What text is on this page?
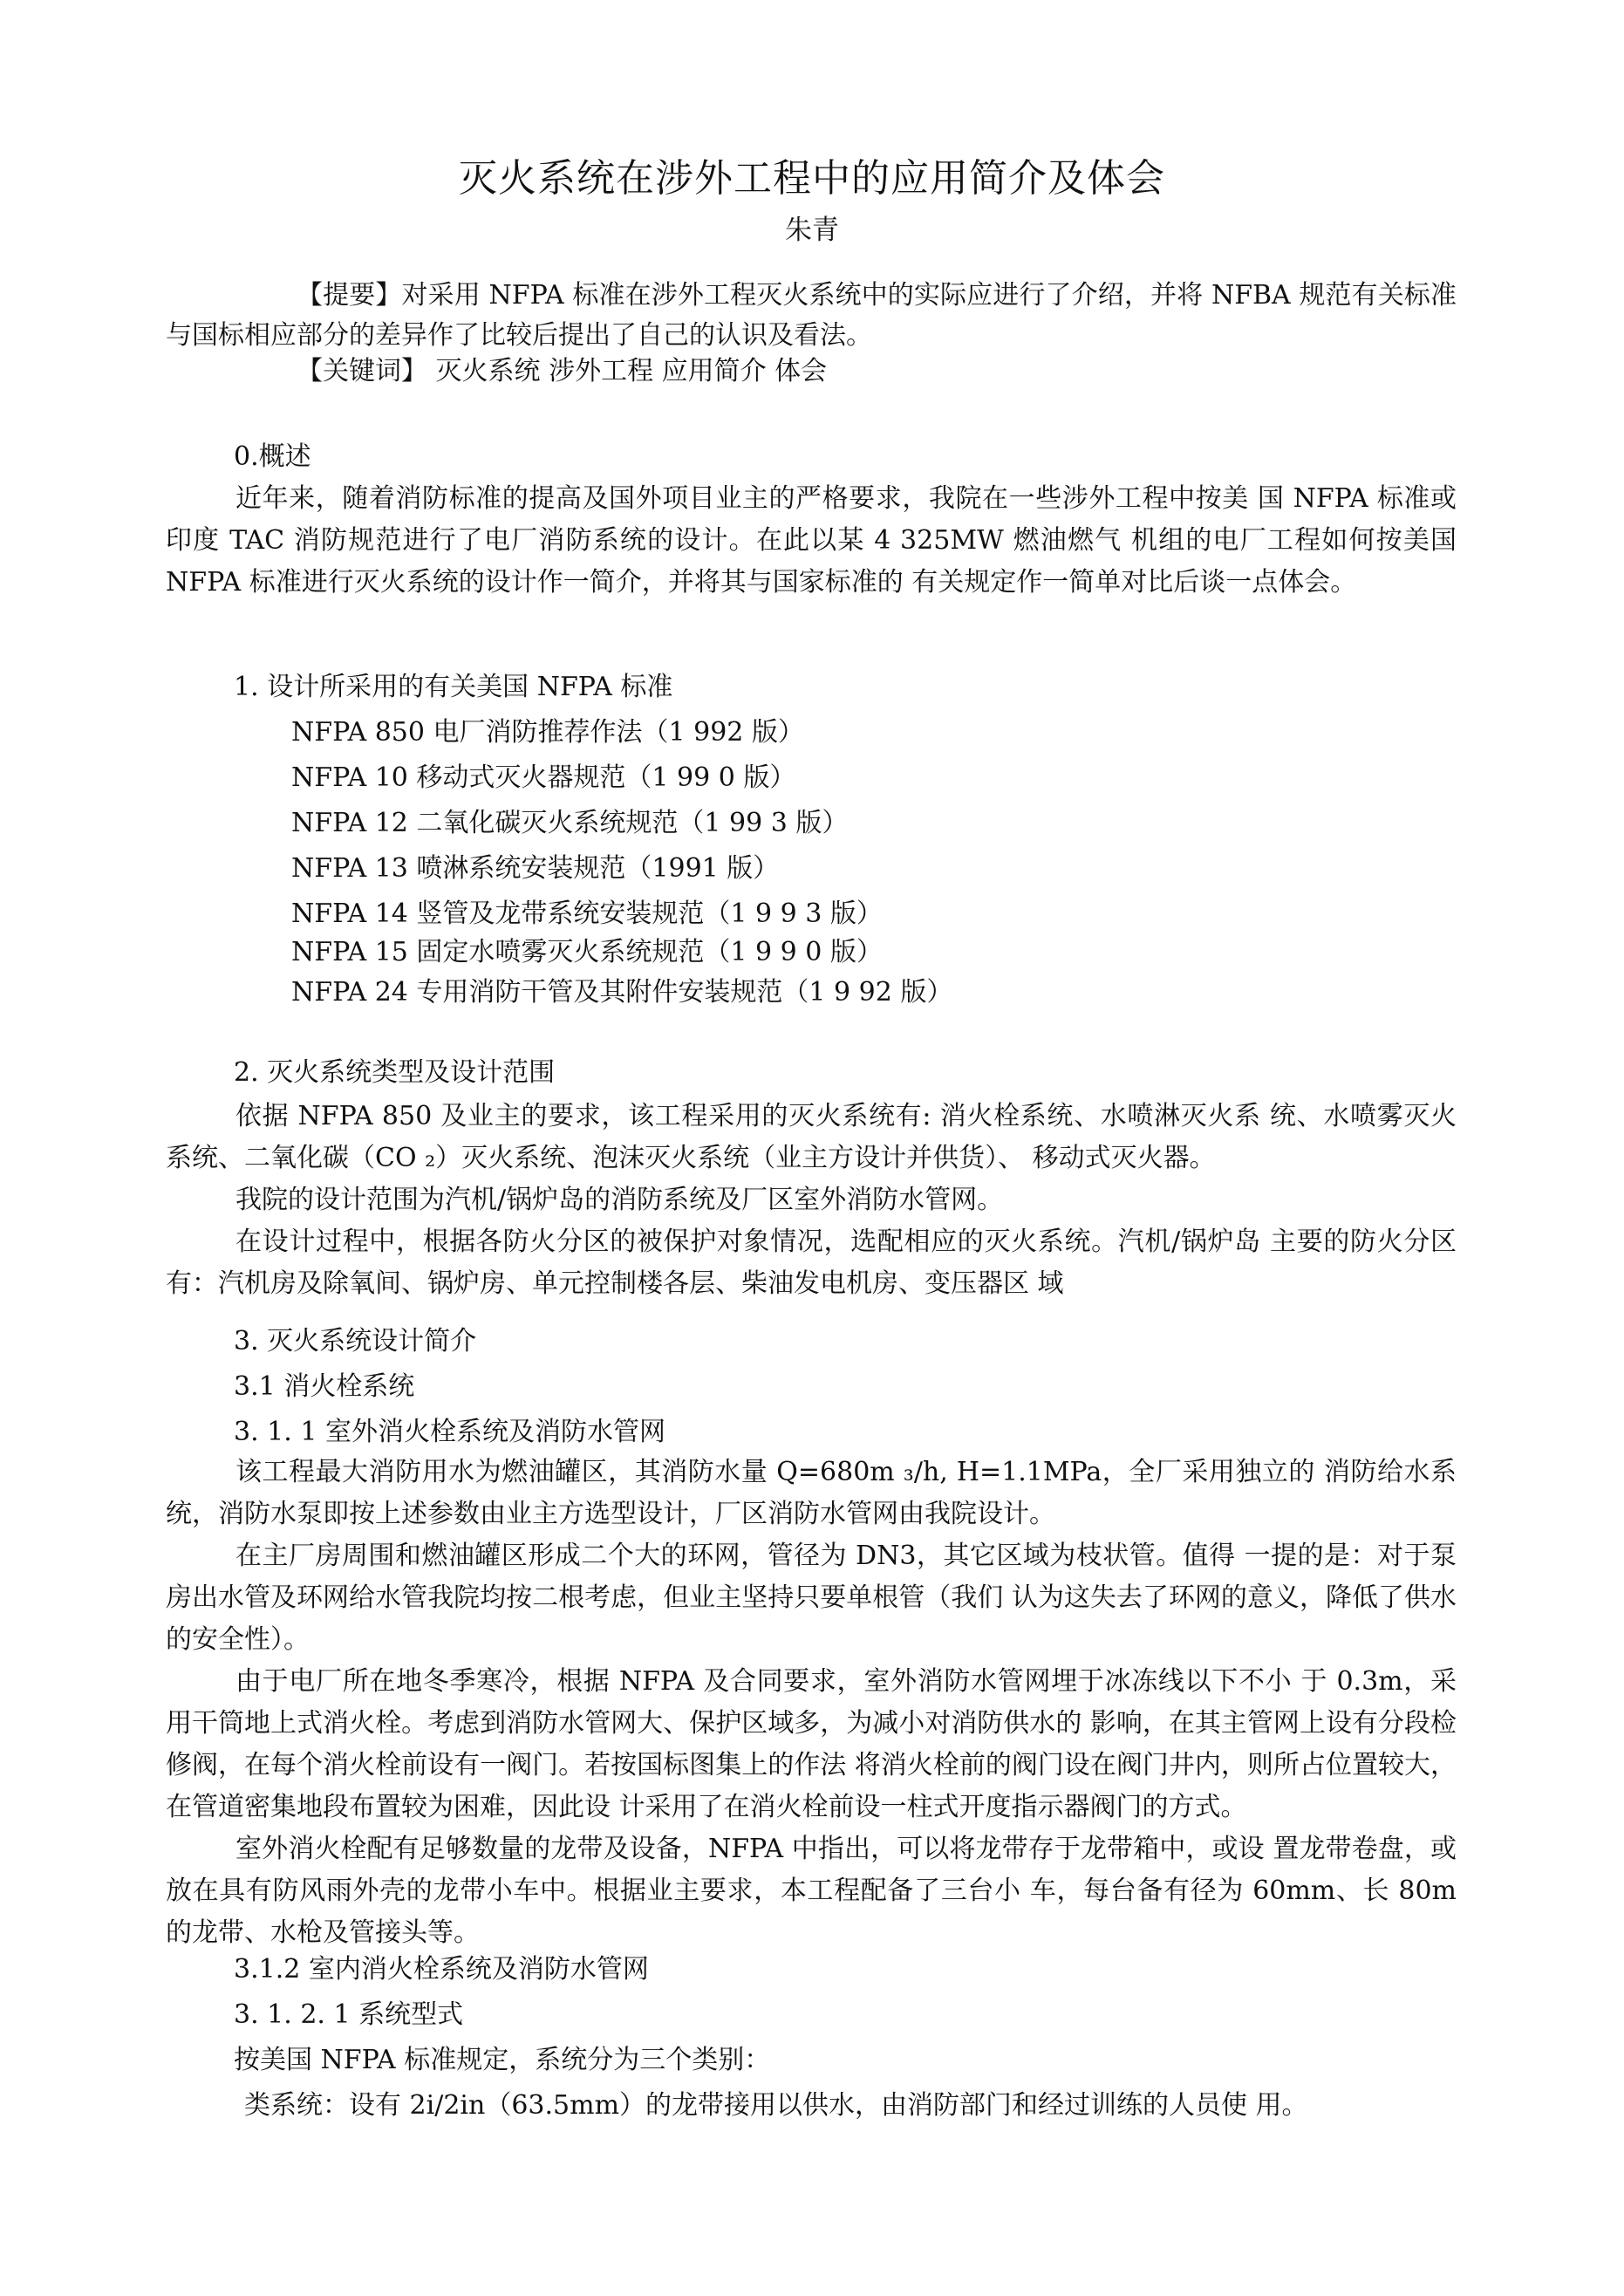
灭火系统在涉外工程中的应用简介及体会
朱青
【提要】对采用 NFPA 标准在涉外工程灭火系统中的实际应进行了介绍，并将 NFBA 规范有关标准与国标相应部分的差异作了比较后提出了自己的认识及看法。
【关键词】 灭火系统 涉外工程 应用简介 体会
0.概述
近年来，随着消防标准的提高及国外项目业主的严格要求，我院在一些涉外工程中按美 国 NFPA 标准或印度 TAC 消防规范进行了电厂消防系统的设计。在此以某 4 325MW 燃油燃气 机组的电厂工程如何按美国 NFPA 标准进行灭火系统的设计作一简介，并将其与国家标准的 有关规定作一简单对比后谈一点体会。
1. 设计所采用的有关美国 NFPA 标准
NFPA 850 电厂消防推荐作法（1 992 版）
NFPA 10 移动式灭火器规范（1 99 0 版）
NFPA 12 二氧化碳灭火系统规范（1 99 3 版）
NFPA 13 喷淋系统安装规范（1991 版）
NFPA 14 竖管及龙带系统安装规范（1 9 9 3 版）
NFPA 15 固定水喷雾灭火系统规范（1 9 9 0 版）
NFPA 24 专用消防干管及其附件安装规范（1 9 92 版）
2. 灭火系统类型及设计范围
依据 NFPA 850 及业主的要求，该工程采用的灭火系统有: 消火栓系统、水喷淋灭火系 统、水喷雾灭火系统、二氧化碳（CO ₂）灭火系统、泡沫灭火系统（业主方设计并供货）、 移动式灭火器。
我院的设计范围为汽机/锅炉岛的消防系统及厂区室外消防水管网。
在设计过程中，根据各防火分区的被保护对象情况，选配相应的灭火系统。汽机/锅炉岛 主要的防火分区有：汽机房及除氧间、锅炉房、单元控制楼各层、柴油发电机房、变压器区 域
3. 灭火系统设计简介
3.1 消火栓系统
3. 1. 1 室外消火栓系统及消防水管网
该工程最大消防用水为燃油罐区，其消防水量 Q=680m ₃/h, H=1.1MPa，全厂采用独立的 消防给水系统，消防水泵即按上述参数由业主方选型设计，厂区消防水管网由我院设计。
在主厂房周围和燃油罐区形成二个大的环网，管径为 DN3，其它区域为枝状管。值得 一提的是：对于泵房出水管及环网给水管我院均按二根考虑，但业主坚持只要单根管（我们 认为这失去了环网的意义，降低了供水的安全性）。
由于电厂所在地冬季寒冷，根据 NFPA 及合同要求，室外消防水管网埋于冰冻线以下不小 于 0.3m，采用干筒地上式消火栓。考虑到消防水管网大、保护区域多，为减小对消防供水的 影响，在其主管网上设有分段检修阀，在每个消火栓前设有一阀门。若按国标图集上的作法 将消火栓前的阀门设在阀门井内，则所占位置较大，在管道密集地段布置较为困难，因此设 计采用了在消火栓前设一柱式开度指示器阀门的方式。
室外消火栓配有足够数量的龙带及设备，NFPA 中指出，可以将龙带存于龙带箱中，或设 置龙带卷盘，或放在具有防风雨外壳的龙带小车中。根据业主要求，本工程配备了三台小 车，每台备有径为 60mm、长 80m 的龙带、水枪及管接头等。
3.1.2 室内消火栓系统及消防水管网
3. 1. 2. 1 系统型式
按美国 NFPA 标准规定，系统分为三个类别：
类系统：设有 2i/2in（63.5mm）的龙带接用以供水，由消防部门和经过训练的人员使 用。
